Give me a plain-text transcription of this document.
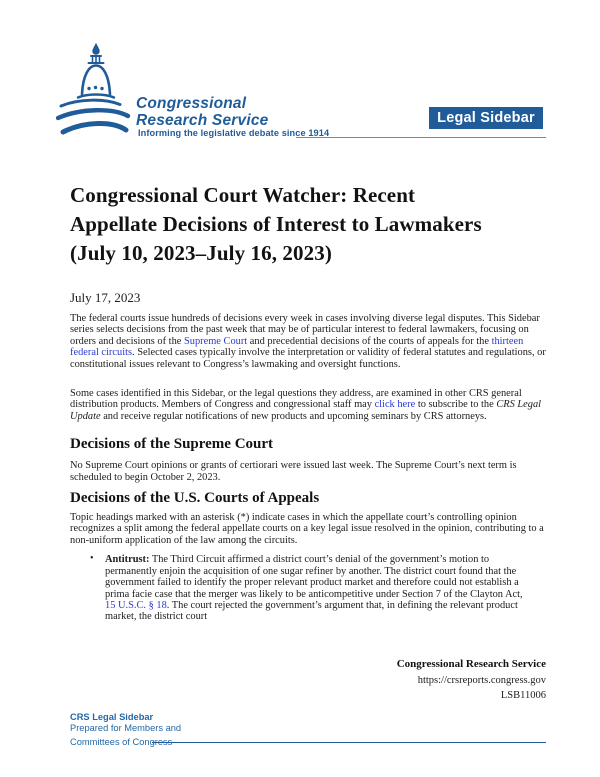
Congressional
Research Service
Informing the legislative debate since 1914
Legal Sidebar
Congressional Court Watcher: Recent
Appellate Decisions of Interest to Lawmakers
(July 10, 2023–July 16, 2023)
July 17, 2023

The federal courts issue hundreds of decisions every week in cases involving diverse legal disputes. This Sidebar series selects decisions from the past week that may be of particular interest to federal lawmakers, focusing on orders and decisions of the Supreme Court and precedential decisions of the courts of appeals for the thirteen federal circuits. Selected cases typically involve the interpretation or validity of federal statutes and regulations, or constitutional issues relevant to Congress’s lawmaking and oversight functions.

Some cases identified in this Sidebar, or the legal questions they address, are examined in other CRS general distribution products. Members of Congress and congressional staff may click here to subscribe to the CRS Legal Update and receive regular notifications of new products and upcoming seminars by CRS attorneys.

Decisions of the Supreme Court

No Supreme Court opinions or grants of certiorari were issued last week. The Supreme Court’s next term is scheduled to begin October 2, 2023.

Decisions of the U.S. Courts of Appeals

Topic headings marked with an asterisk (*) indicate cases in which the appellate court’s controlling opinion recognizes a split among the federal appellate courts on a key legal issue resolved in the opinion, contributing to a non-uniform application of the law among the circuits.

• Antitrust: The Third Circuit affirmed a district court’s denial of the government’s motion to permanently enjoin the acquisition of one sugar refiner by another. The district court found that the government failed to identify the proper relevant product market and therefore could not establish a prima facie case that the merger was likely to be anticompetitive under Section 7 of the Clayton Act, 15 U.S.C. § 18. The court rejected the government’s argument that, in defining the relevant product market, the district court
Congressional Research Service
https://crsreports.congress.gov
LSB11006
CRS Legal Sidebar
Prepared for Members and
Committees of Congress
